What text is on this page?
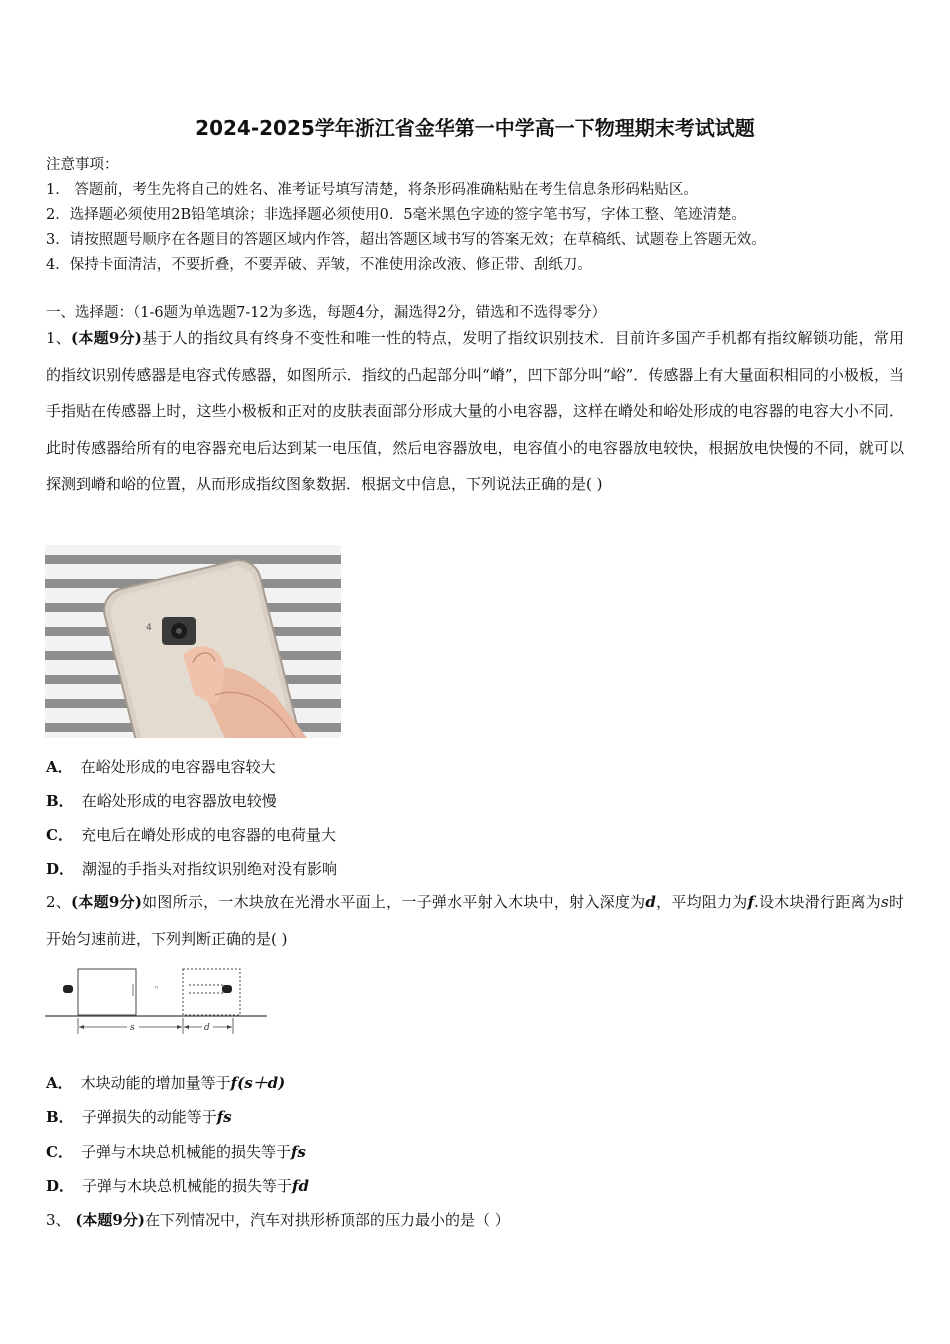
2024-2025学年浙江省金华第一中学高一下物理期末考试试题
注意事项：
1． 答题前，考生先将自己的姓名、准考证号填写清楚，将条形码准确粘贴在考生信息条形码粘贴区。
2．选择题必须使用2B铅笔填涂；非选择题必须使用0．5毫米黑色字迹的签字笔书写，字体工整、笔迹清楚。
3．请按照题号顺序在各题目的答题区域内作答，超出答题区域书写的答案无效；在草稿纸、试题卷上答题无效。
4．保持卡面清洁，不要折叠，不要弄破、弄皱，不准使用涂改液、修正带、刮纸刀。
一、选择题：（1-6题为单选题7-12为多选，每题4分，漏选得2分，错选和不选得零分）
1、(本题9分)基于人的指纹具有终身不变性和唯一性的特点，发明了指纹识别技术．目前许多国产手机都有指纹解锁功能，常用的指纹识别传感器是电容式传感器，如图所示．指纹的凸起部分叫“嵴”，凹下部分叫“峪”．传感器上有大量面积相同的小极板，当手指贴在传感器上时，这些小极板和正对的皮肤表面部分形成大量的小电容器，这样在嵴处和峪处形成的电容器的电容大小不同．此时传感器给所有的电容器充电后达到某一电压值，然后电容器放电，电容值小的电容器放电较快，根据放电快慢的不同，就可以探测到嵴和峪的位置，从而形成指纹图象数据．根据文中信息，下列说法正确的是( )
4
A． 在峪处形成的电容器电容较大
B． 在峪处形成的电容器放电较慢
C． 充电后在嵴处形成的电容器的电荷量大
D． 潮湿的手指头对指纹识别绝对没有影响
2、(本题9分)如图所示，一木块放在光滑水平面上，一子弹水平射入木块中，射入深度为d，平均阻力为f.设木块滑行距离为s时开始匀速前进，下列判断正确的是( )
ⁿ
s	d
A． 木块动能的增加量等于f(s＋d)
B． 子弹损失的动能等于fs
C． 子弹与木块总机械能的损失等于fs
D． 子弹与木块总机械能的损失等于fd
3、 (本题9分)在下列情况中，汽车对拱形桥顶部的压力最小的是（ ）
